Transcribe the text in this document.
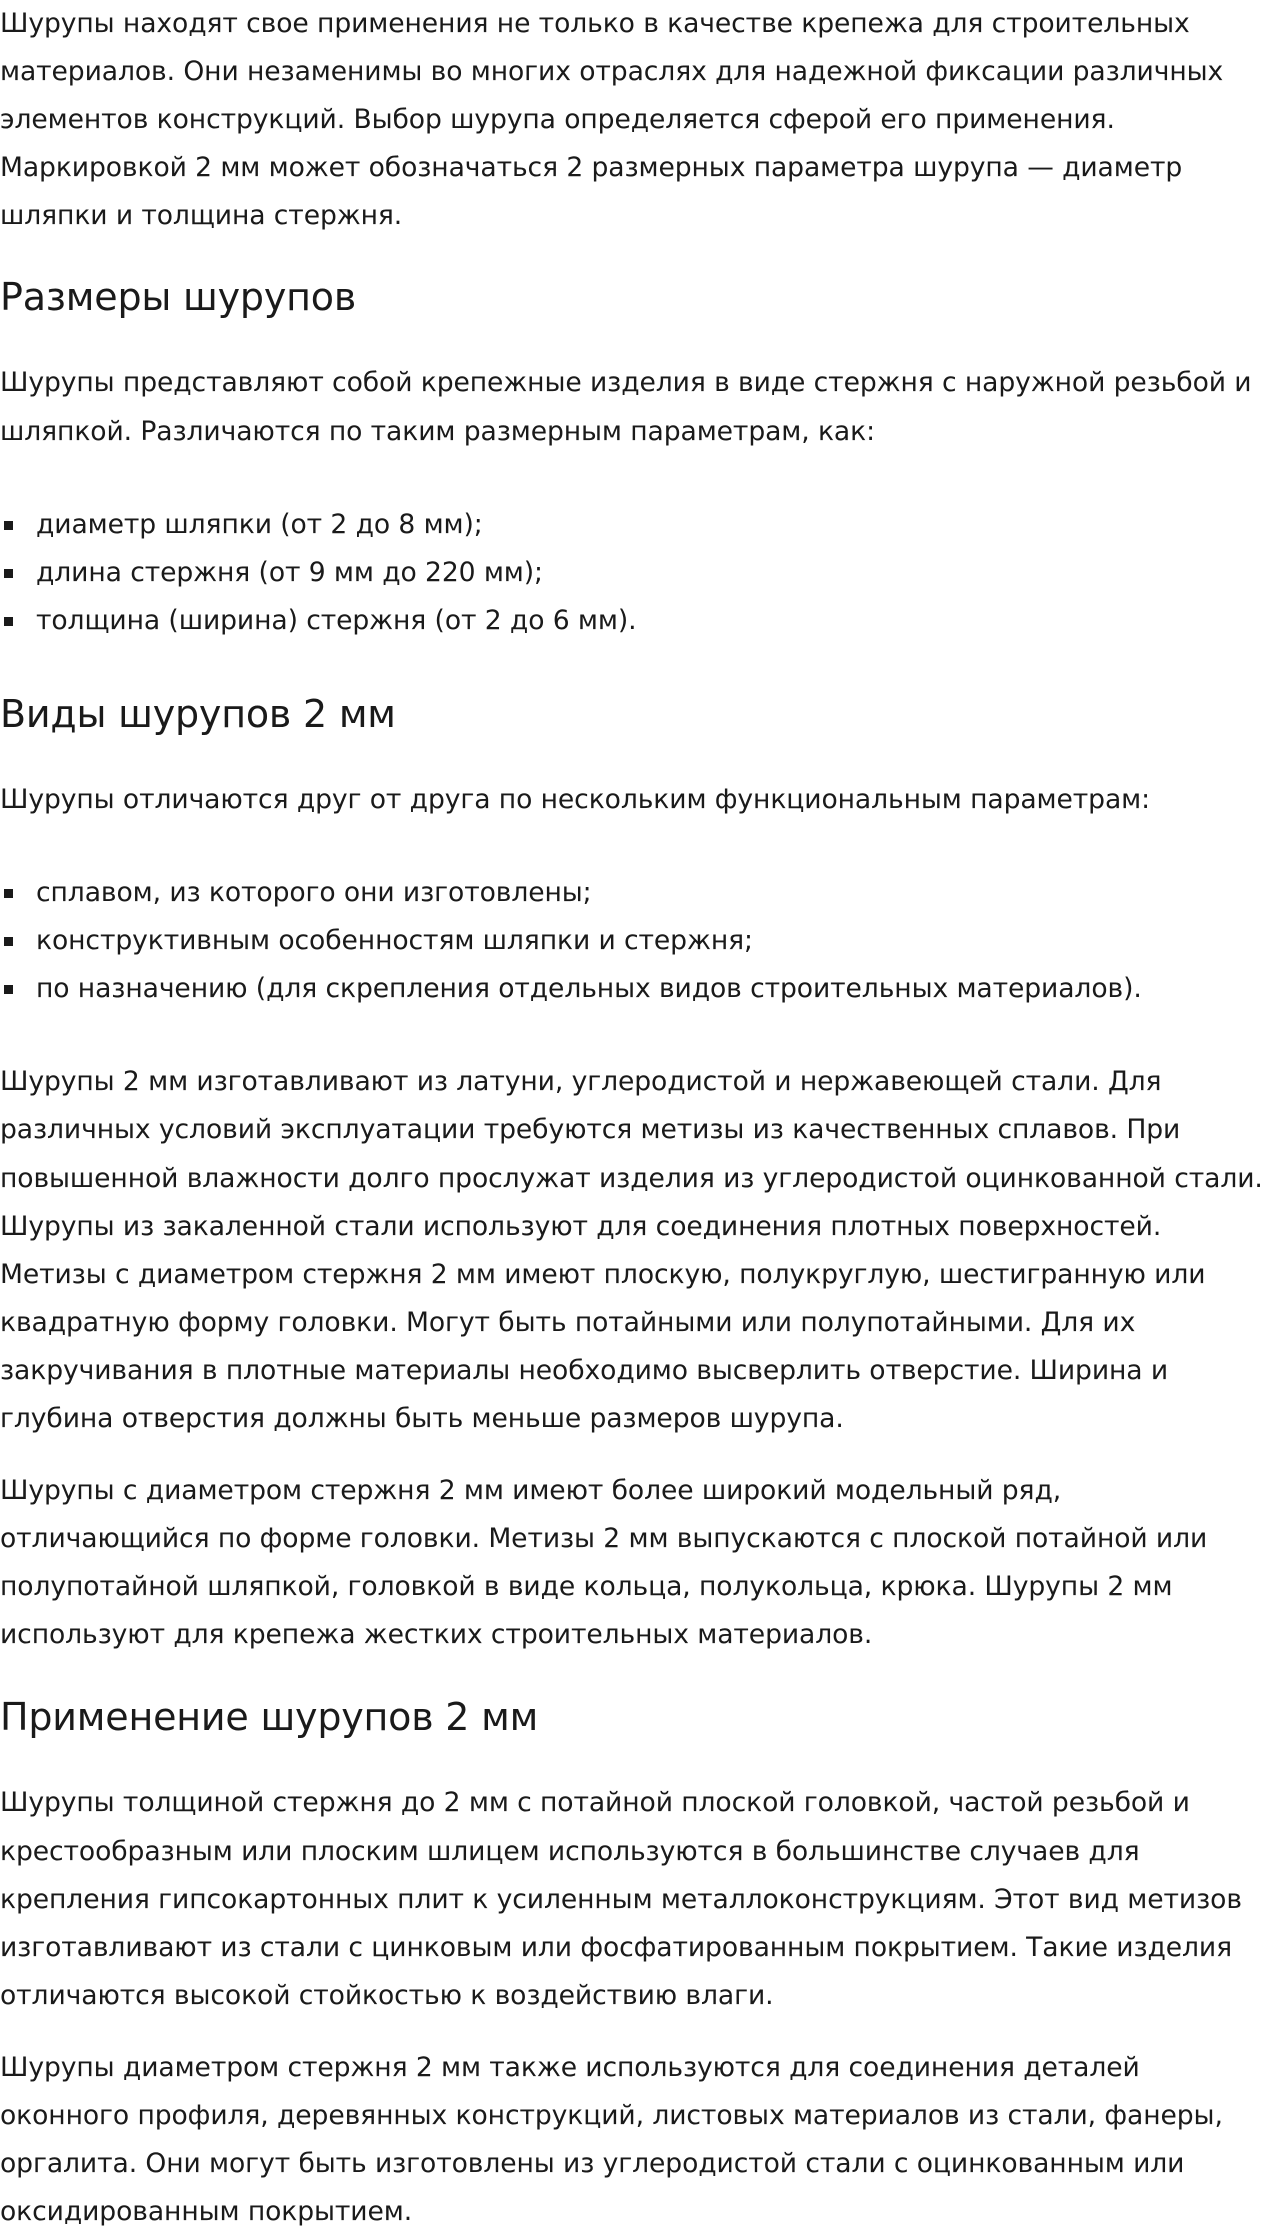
Шурупы находят свое применения не только в качестве крепежа для строительных материалов. Они незаменимы во многих отраслях для надежной фиксации различных элементов конструкций. Выбор шурупа определяется сферой его применения. Маркировкой 2 мм может обозначаться 2 размерных параметра шурупа — диаметр шляпки и толщина стержня.

Размеры шурупов

Шурупы представляют собой крепежные изделия в виде стержня с наружной резьбой и шляпкой. Различаются по таким размерным параметрам, как:

диаметр шляпки (от 2 до 8 мм);
длина стержня (от 9 мм до 220 мм);
толщина (ширина) стержня (от 2 до 6 мм).
Виды шурупов 2 мм

Шурупы отличаются друг от друга по нескольким функциональным параметрам:

сплавом, из которого они изготовлены;
конструктивным особенностям шляпки и стержня;
по назначению (для скрепления отдельных видов строительных материалов).

Шурупы 2 мм изготавливают из латуни, углеродистой и нержавеющей стали. Для различных условий эксплуатации требуются метизы из качественных сплавов. При повышенной влажности долго прослужат изделия из углеродистой оцинкованной стали. Шурупы из закаленной стали используют для соединения плотных поверхностей. Метизы с диаметром стержня 2 мм имеют плоскую, полукруглую, шестигранную или квадратную форму головки. Могут быть потайными или полупотайными. Для их закручивания в плотные материалы необходимо высверлить отверстие. Ширина и глубина отверстия должны быть меньше размеров шурупа.

Шурупы с диаметром стержня 2 мм имеют более широкий модельный ряд, отличающийся по форме головки. Метизы 2 мм выпускаются с плоской потайной или полупотайной шляпкой, головкой в виде кольца, полукольца, крюка. Шурупы 2 мм используют для крепежа жестких строительных материалов.

Применение шурупов 2 мм

Шурупы толщиной стержня до 2 мм с потайной плоской головкой, частой резьбой и крестообразным или плоским шлицем используются в большинстве случаев для крепления гипсокартонных плит к усиленным металлоконструкциям. Этот вид метизов изготавливают из стали с цинковым или фосфатированным покрытием. Такие изделия отличаются высокой стойкостью к воздействию влаги.

Шурупы диаметром стержня 2 мм также используются для соединения деталей оконного профиля, деревянных конструкций, листовых материалов из стали, фанеры, оргалита. Они могут быть изготовлены из углеродистой стали с оцинкованным или оксидированным покрытием.
